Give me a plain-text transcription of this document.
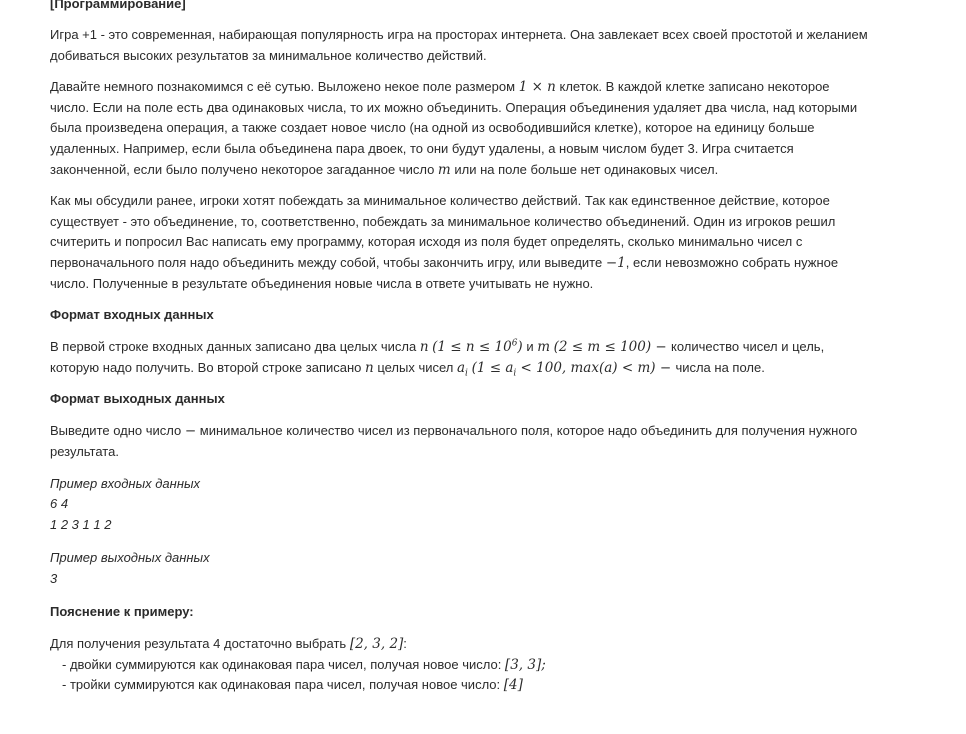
[Программирование]

Игра +1 - это современная, набирающая популярность игра на просторах интернета. Она завлекает всех своей простотой и желанием добиваться высоких результатов за минимальное количество действий.

Давайте немного познакомимся с её сутью. Выложено некое поле размером 1 × n клеток. В каждой клетке записано некоторое число. Если на поле есть два одинаковых числа, то их можно объединить. Операция объединения удаляет два числа, над которыми была произведена операция, а также создает новое число (на одной из освободившийся клетке), которое на единицу больше удаленных. Например, если была объединена пара двоек, то они будут удалены, а новым числом будет 3. Игра считается законченной, если было получено некоторое загаданное число m или на поле больше нет одинаковых чисел.

Как мы обсудили ранее, игроки хотят побеждать за минимальное количество действий. Так как единственное действие, которое существует - это объединение, то, соответственно, побеждать за минимальное количество объединений. Один из игроков решил считерить и попросил Вас написать ему программу, которая исходя из поля будет определять, сколько минимально чисел с первоначального поля надо объединить между собой, чтобы закончить игру, или выведите −1, если невозможно собрать нужное число. Полученные в результате объединения новые числа в ответе учитывать не нужно.

Формат входных данных

В первой строке входных данных записано два целых числа n $(1 \le n \le 10^6)$ и m (2 ≤ m ≤ 100) − количество чисел и цель, которую надо получить. Во второй строке записано n целых чисел $a_i$ ($1 \le a_i < 100$, max(a) < m) − числа на поле.

Формат выходных данных

Выведите одно число − минимальное количество чисел из первоначального поля, которое надо объединить для получения нужного результата.

Пример входных данных
6 4
1 2 3 1 1 2
Пример выходных данных
3
Пояснение к примеру:
Для получения результата 4 достаточно выбрать [2, 3, 2]:
- двойки суммируются как одинаковая пара чисел, получая новое число: [3, 3];
- тройки суммируются как одинаковая пара чисел, получая новое число: [4]
